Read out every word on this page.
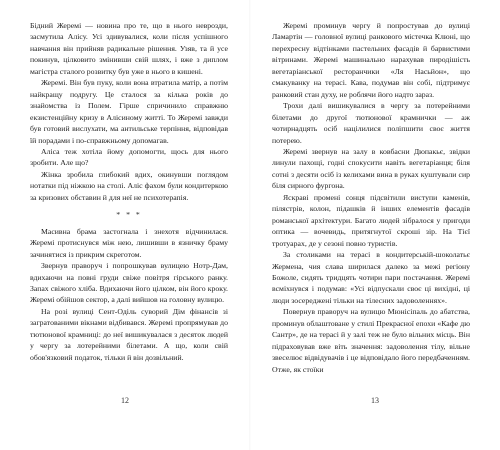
Бідний Жеремі — новина про те, що в нього неврозди, засмутила Алісу. Усі здивувалися, коли після успішного навчання він прийняв радикальне рішення. Узяв, та й усе покинув, цілковито змінивши свій шлях, і вже з диплом магістра сталого розвитку був уже в нього в кишені.

Жеремі. Він був пуку, коли вона втратила матір, а потім найкращу подругу. Це сталося за кілька років до знайомства із Полем. Гірше спричинило справжню екзистенційну кризу в Алісиному житті. То Жеремі завжди був готовий вислухати, ма антильське терпіння, відповідав їй порадами і по-справжньому допомагав.

Аліса теж хотіла йому допомогти, щось для нього зробити. Але що?

Жінка зробила глибокий вдих, окинувши поглядом нотатки під ніжкою на столі. Аліс фахом були кондитеркою за кризових обставин й для неї не психотерапія.

* * *

Масивна брама застогнала і знехотя відчинилася. Жеремі протиснувся між нею, лишивши в язничку браму зачинятися із прикрим скреготом.

Звернув праворуч і попрошкував вулицею Нотр-Дам, вдихаючи на повні груди свіже повітря гірського ранку. Запах свіжого хліба. Вдихаючи його цілком, він його кроку. Жеремі обійшов сектор, а далі вийшов на головну вулицю.

На розі вулиці Сент-Оділь суворий Дім фінансів зі загратованими вікнами відбивався. Жеремі пропрямував до тютюнової крамниці: до неї вишикувалася з десяток людей у чергу за лотерейними білетами. А що, коли свій обов'язковий податок, тільки й він дозвільний.

12

Жеремі проминув чергу й попростував до вулиці Ламартін — головної вулиці ранкового містечка Клюні, що перехресну відтінками пастельних фасадів й барвистими вітринами. Жеремі машинально нарахував пиродішість вегетаріанської ресторанчики «Ля Насьйон», що смакуванку на терасі. Кава, подумав він собі, підтримує ранковий стан духу, не роблячи його надто зараз.

Трохи далі вишикувалися в чергу за потерейними білетами до другої тютюнової крамнички — аж чотирнадцять осіб націлилися поліпшити своє життя потерею.

Жеремі звернув на залу в ковбасни Дюпакьє, звідки линули пахощі, годні спокусити навіть вегетаріанця; біля сотні з десяти осіб із келихами вина в руках куштували сир біля сирного фургона.

Яскраві промені сонця підсвітили виступи каменів, пілястрів, колон, підашків й інших елементів фасадів романської архітектури. Багато людей зібралося у пригоди оптика — вочевидь, притягнутої скроші зір. На Тієї тротуарах, де у сезоні повно туристів.

За столиками на терасі в кондитерській-шоколатьє Жермена, чия слава ширилася далеко за межі регіону Божоле, сидять тридцять чотири пари постачання. Жеремі всміхнувся і подумав: «Усі відпускали своє ці вихідні, ці люди зосереджені тільки на тілесних задоволеннях».

Повернув праворуч на вулицю Мюнісіпаль до абатства, проминув облаштоване у стилі Прекрасної епохи «Кафе дю Сантр», де на терасі й у залі теж не було вільних місць. Він підраховував вже віть значення: задоволення тілу, вільне звеселює відвідувачів і це відповідало його передбаченням. Отже, як стоїки

13
